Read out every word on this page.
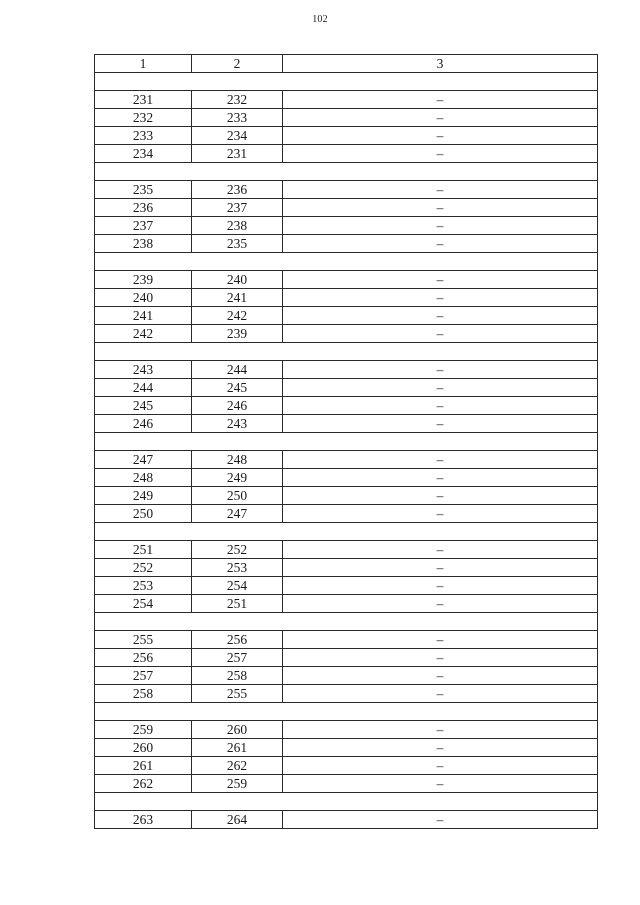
102
1	2	3

231	232	–
232	233	–
233	234	–
234	231	–

235	236	–
236	237	–
237	238	–
238	235	–

239	240	–
240	241	–
241	242	–
242	239	–

243	244	–
244	245	–
245	246	–
246	243	–

247	248	–
248	249	–
249	250	–
250	247	–

251	252	–
252	253	–
253	254	–
254	251	–

255	256	–
256	257	–
257	258	–
258	255	–

259	260	–
260	261	–
261	262	–
262	259	–

263	264	–
